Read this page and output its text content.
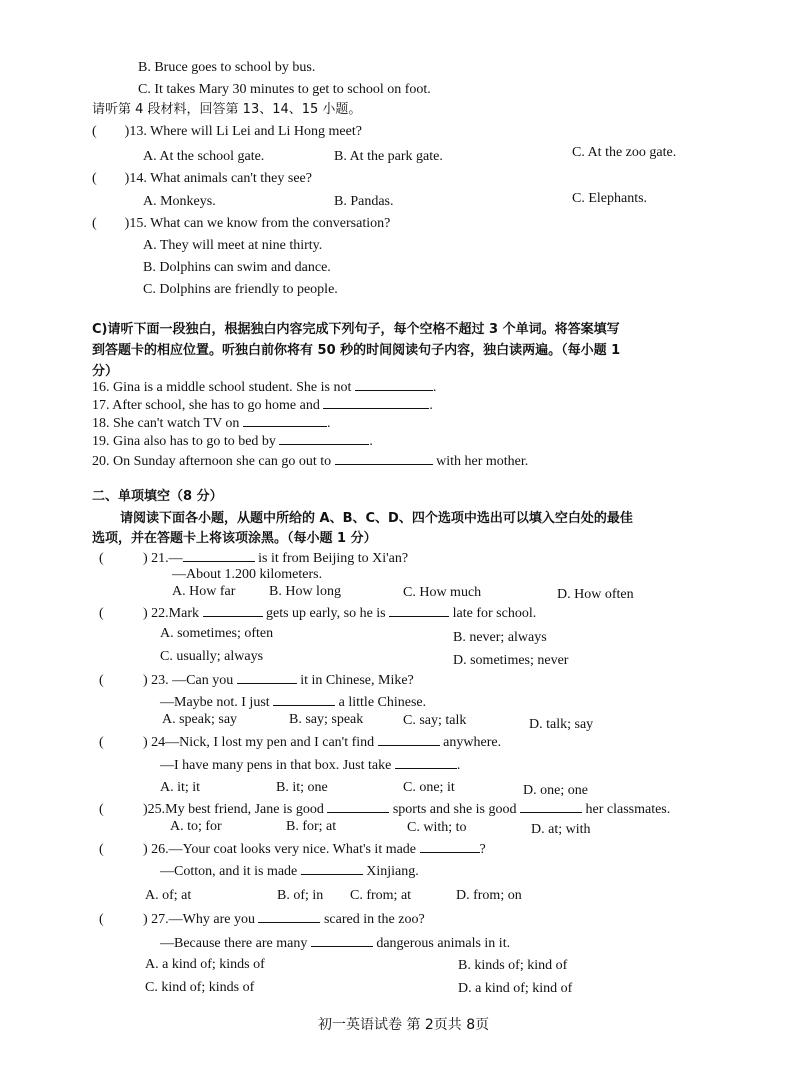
B. Bruce goes to school by bus.
C. It takes Mary 30 minutes to get to school on foot.
请听第 4 段材料，回答第 13、14、15 小题。
( )13. Where will Li Lei and Li Hong meet?
A. At the school gate.	B. At the park gate.	C. At the zoo gate.
( )14. What animals can't they see?
A. Monkeys.	B. Pandas.	C. Elephants.
( )15. What can we know from the conversation?
A. They will meet at nine thirty.
B. Dolphins can swim and dance.
C. Dolphins are friendly to people.
C)请听下面一段独白，根据独白内容完成下列句子，每个空格不超过 3 个单词。将答案填写
到答题卡的相应位置。听独白前你将有 50 秒的时间阅读句子内容，独白读两遍。（每小题 1
分）
16. Gina is a middle school student. She is not	.
17. After school, she has to go home and	.
18. She can't watch TV on	.
19. Gina also has to go to bed by	.
20. On Sunday afternoon she can go out to	with her mother.
二、单项填空（8 分）
请阅读下面各小题，从题中所给的 A、B、C、D、四个选项中选出可以填入空白处的最佳
选项，并在答题卡上将该项涂黑。（每小题 1 分）
(	) 21.—	is it from Beijing to Xi'an?
—About 1.200 kilometers.
A. How far B. How long	C. How much	D. How often
(	) 22.Mark	gets up early, so he is	late for school.
A. sometimes; often	B. never; always
C. usually; always	D. sometimes; never
(	) 23. —Can you	it in Chinese, Mike?
—Maybe not. I just	a little Chinese.
A. speak; say	B. say; speak	C. say; talk	D. talk; say
(	) 24—Nick, I lost my pen and I can't find	anywhere.
—I have many pens in that box. Just take	.
A. it; it	B. it; one	C. one; it	D. one; one
(	)25.My best friend, Jane is good	sports and she is good	her classmates.
A. to; for	B. for; at	C. with; to	D. at; with
(	) 26.—Your coat looks very nice. What's it made	?
—Cotton, and it is made	Xinjiang.
A. of; at	B. of; in C. from; at	D. from; on
(	) 27.—Why are you	scared in the zoo?
—Because there are many	dangerous animals in it.
A. a kind of; kinds of	B. kinds of; kind of
C. kind of; kinds of	D. a kind of; kind of
初一英语试卷 第 2页共 8页
